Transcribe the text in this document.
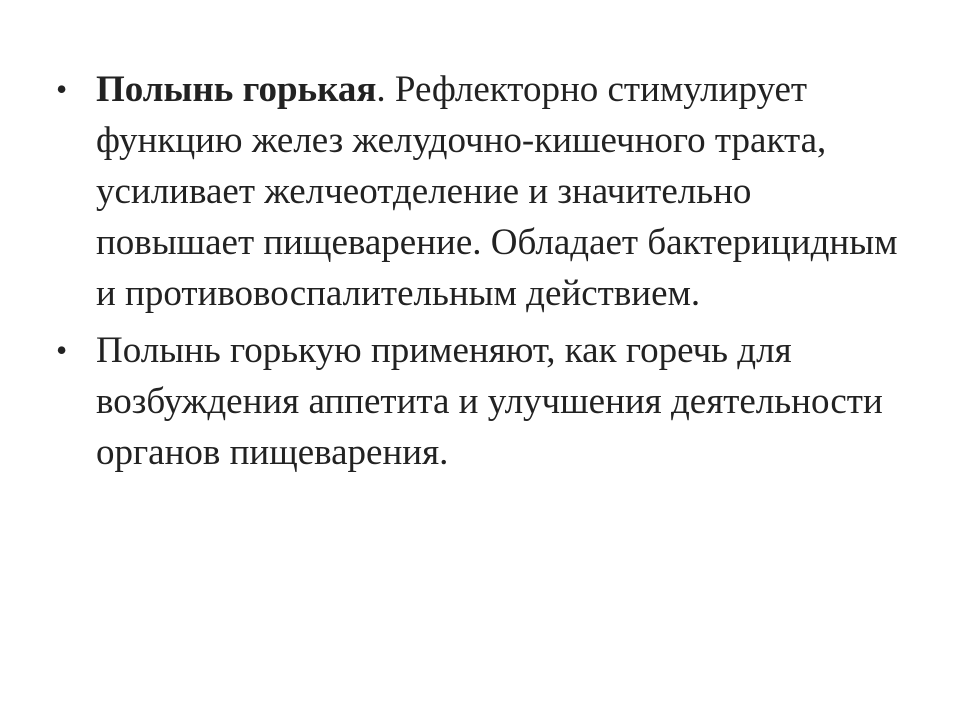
• Полынь горькая. Рефлекторно стимулирует функцию желез желудочно-кишечного тракта, усиливает желчеотделение и значительно повышает пищеварение. Обладает бактерицидным и противовоспалительным действием.
• Полынь горькую применяют, как горечь для возбуждения аппетита и улучшения деятельности органов пищеварения.
